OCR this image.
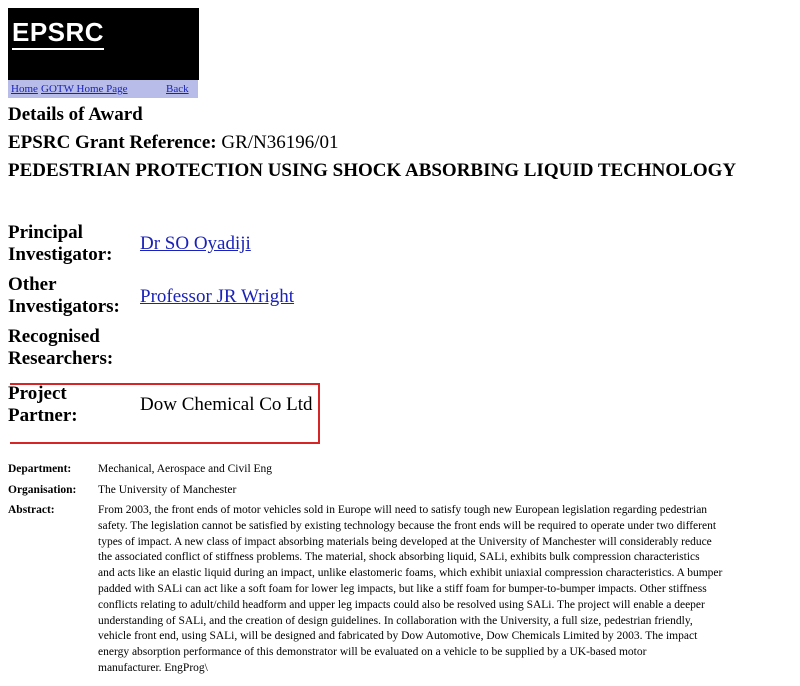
EPSRC
Home GOTW Home Page	Back
Details of Award
EPSRC Grant Reference: GR/N36196/01
PEDESTRIAN PROTECTION USING SHOCK ABSORBING LIQUID TECHNOLOGY
Principal
Investigator:
Dr SO Oyadiji
Other
Investigators: Professor JR Wright
Recognised
Researchers:
Project
Partner:
Dow Chemical Co Ltd
Department: Mechanical, Aerospace and Civil Eng
Organisation: The University of Manchester
Abstract:	From 2003, the front ends of motor vehicles sold in Europe will need to satisfy tough new European legislation regarding pedestrian
safety. The legislation cannot be satisfied by existing technology because the front ends will be required to operate under two different
types of impact. A new class of impact absorbing materials being developed at the University of Manchester will considerably reduce
the associated conflict of stiffness problems. The material, shock absorbing liquid, SALi, exhibits bulk compression characteristics
and acts like an elastic liquid during an impact, unlike elastomeric foams, which exhibit uniaxial compression characteristics. A bumper
padded with SALi can act like a soft foam for lower leg impacts, but like a stiff foam for bumper-to-bumper impacts. Other stiffness
conflicts relating to adult/child headform and upper leg impacts could also be resolved using SALi. The project will enable a deeper
understanding of SALi, and the creation of design guidelines. In collaboration with the University, a full size, pedestrian friendly,
vehicle front end, using SALi, will be designed and fabricated by Dow Automotive, Dow Chemicals Limited by 2003. The impact
energy absorption performance of this demonstrator will be evaluated on a vehicle to be supplied by a UK-based motor
manufacturer. EngProg\
